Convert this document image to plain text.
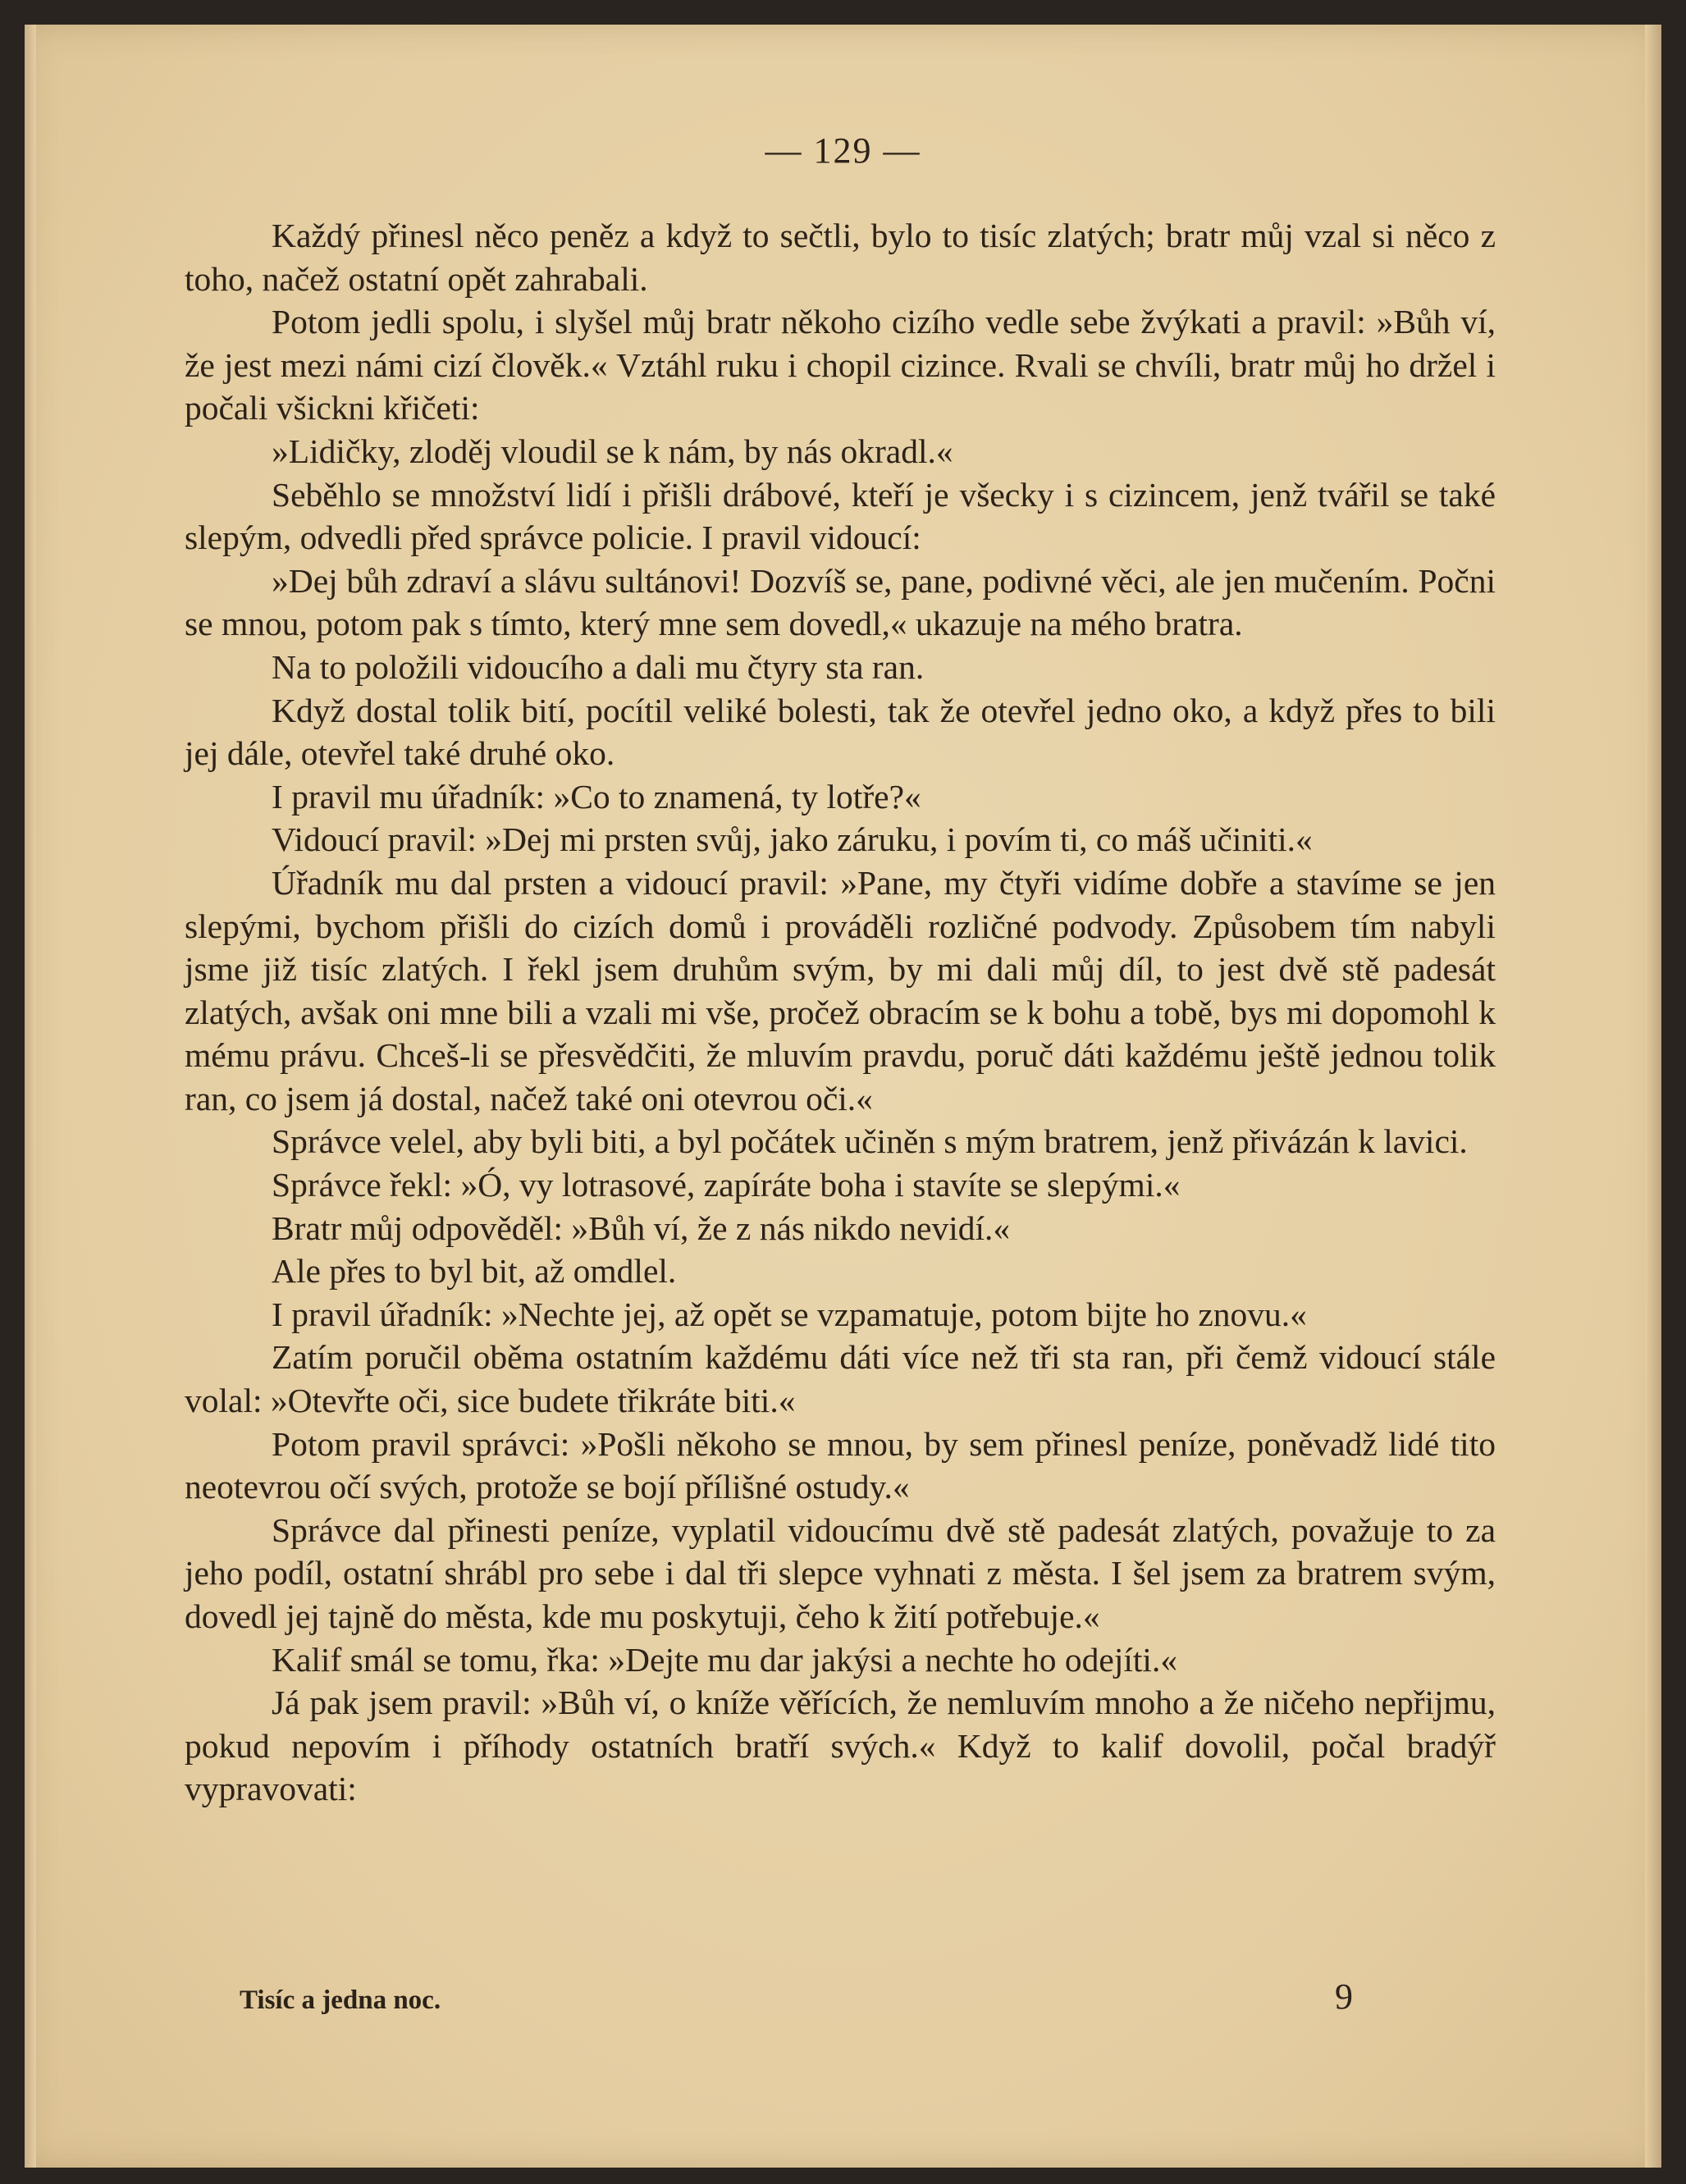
— 129 —

Každý přinesl něco peněz a když to sečtli, bylo to tisíc zlatých; bratr můj vzal si něco z toho, načež ostatní opět zahrabali.

Potom jedli spolu, i slyšel můj bratr někoho cizího vedle sebe žvýkati a pravil: »Bůh ví, že jest mezi námi cizí člověk.« Vztáhl ruku i chopil cizince. Rvali se chvíli, bratr můj ho držel i počali všickni křičeti:

»Lidičky, zloděj vloudil se k nám, by nás okradl.«

Seběhlo se množství lidí i přišli drábové, kteří je všecky i s cizincem, jenž tvářil se také slepým, odvedli před správce policie. I pravil vidoucí:

»Dej bůh zdraví a slávu sultánovi! Dozvíš se, pane, podivné věci, ale jen mučením. Počni se mnou, potom pak s tímto, který mne sem dovedl,« ukazuje na mého bratra.

Na to položili vidoucího a dali mu čtyry sta ran.

Když dostal tolik bití, pocítil veliké bolesti, tak že otevřel jedno oko, a když přes to bili jej dále, otevřel také druhé oko.

I pravil mu úřadník: »Co to znamená, ty lotře?«

Vidoucí pravil: »Dej mi prsten svůj, jako záruku, i povím ti, co máš učiniti.«

Úřadník mu dal prsten a vidoucí pravil: »Pane, my čtyři vidíme dobře a stavíme se jen slepými, bychom přišli do cizích domů i prováděli rozličné podvody. Způsobem tím nabyli jsme již tisíc zlatých. I řekl jsem druhům svým, by mi dali můj díl, to jest dvě stě padesát zlatých, avšak oni mne bili a vzali mi vše, pročež obracím se k bohu a tobě, bys mi dopomohl k mému právu. Chceš-li se přesvědčiti, že mluvím pravdu, poruč dáti každému ještě jednou tolik ran, co jsem já dostal, načež také oni otevrou oči.«

Správce velel, aby byli biti, a byl počátek učiněn s mým bratrem, jenž přivázán k lavici.

Správce řekl: »Ó, vy lotrasové, zapíráte boha i stavíte se slepými.«

Bratr můj odpověděl: »Bůh ví, že z nás nikdo nevidí.«

Ale přes to byl bit, až omdlel.

I pravil úřadník: »Nechte jej, až opět se vzpamatuje, potom bijte ho znovu.«

Zatím poručil oběma ostatním každému dáti více než tři sta ran, při čemž vidoucí stále volal: »Otevřte oči, sice budete třikráte biti.«

Potom pravil správci: »Pošli někoho se mnou, by sem přinesl peníze, poněvadž lidé tito neotevrou očí svých, protože se bojí přílišné ostudy.«

Správce dal přinesti peníze, vyplatil vidoucímu dvě stě padesát zlatých, považuje to za jeho podíl, ostatní shrábl pro sebe i dal tři slepce vyhnati z města. I šel jsem za bratrem svým, dovedl jej tajně do města, kde mu poskytuji, čeho k žití potřebuje.«

Kalif smál se tomu, řka: »Dejte mu dar jakýsi a nechte ho odejíti.«

Já pak jsem pravil: »Bůh ví, o kníže věřících, že nemluvím mnoho a že ničeho nepřijmu, pokud nepovím i příhody ostatních bratří svých.« Když to kalif dovolil, počal bradýř vypravovati:

Tisíc a jedna noc.	9
